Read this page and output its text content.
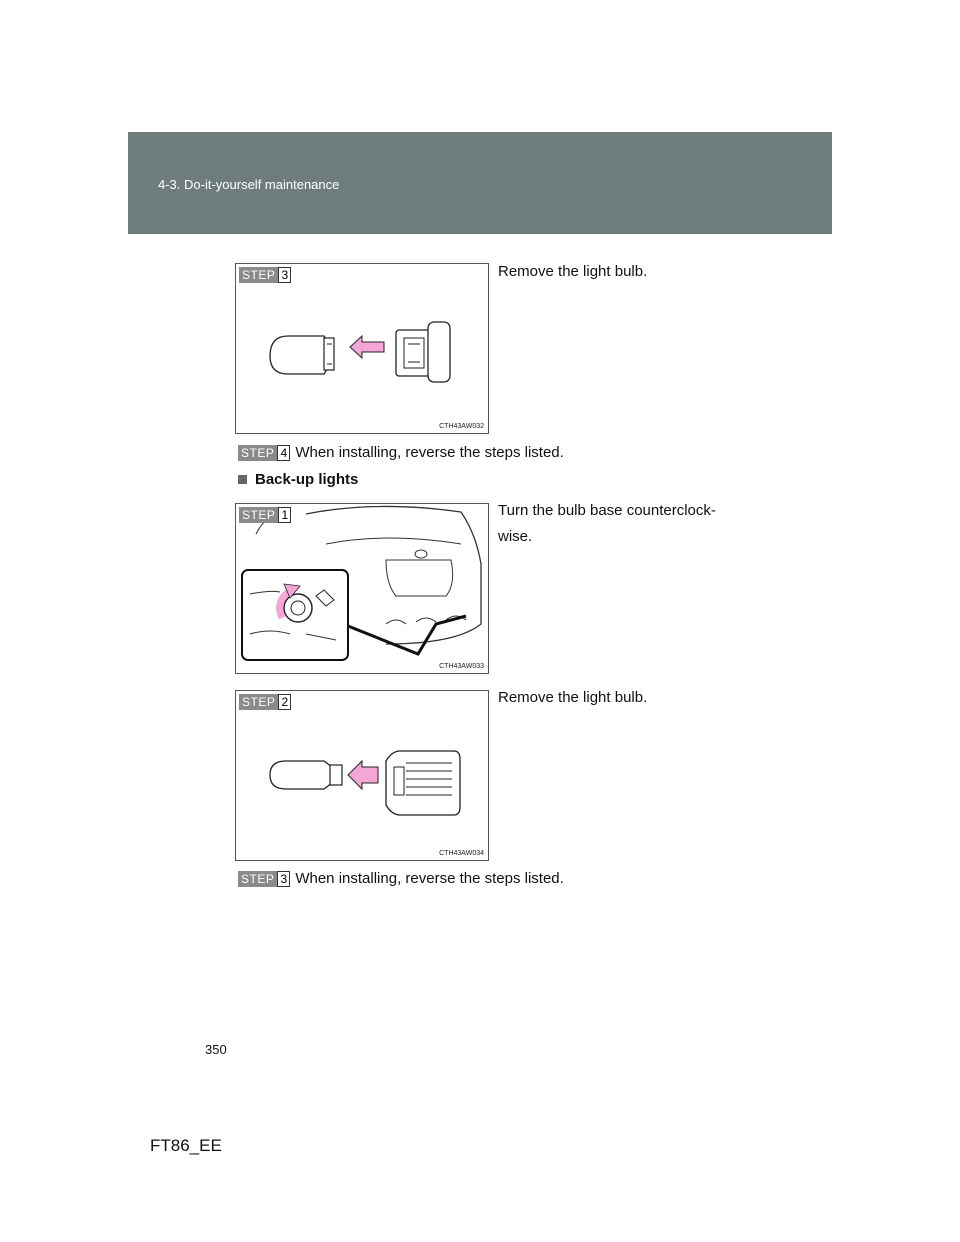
4-3. Do-it-yourself maintenance
STEP 3
CTH43AW032
Remove the light bulb.
STEP 4 When installing, reverse the steps listed.
Back-up lights
STEP 1
CTH43AW033
Turn the bulb base counterclock-wise.
STEP 2
CTH43AW034
Remove the light bulb.
STEP 3 When installing, reverse the steps listed.
350
FT86_EE
